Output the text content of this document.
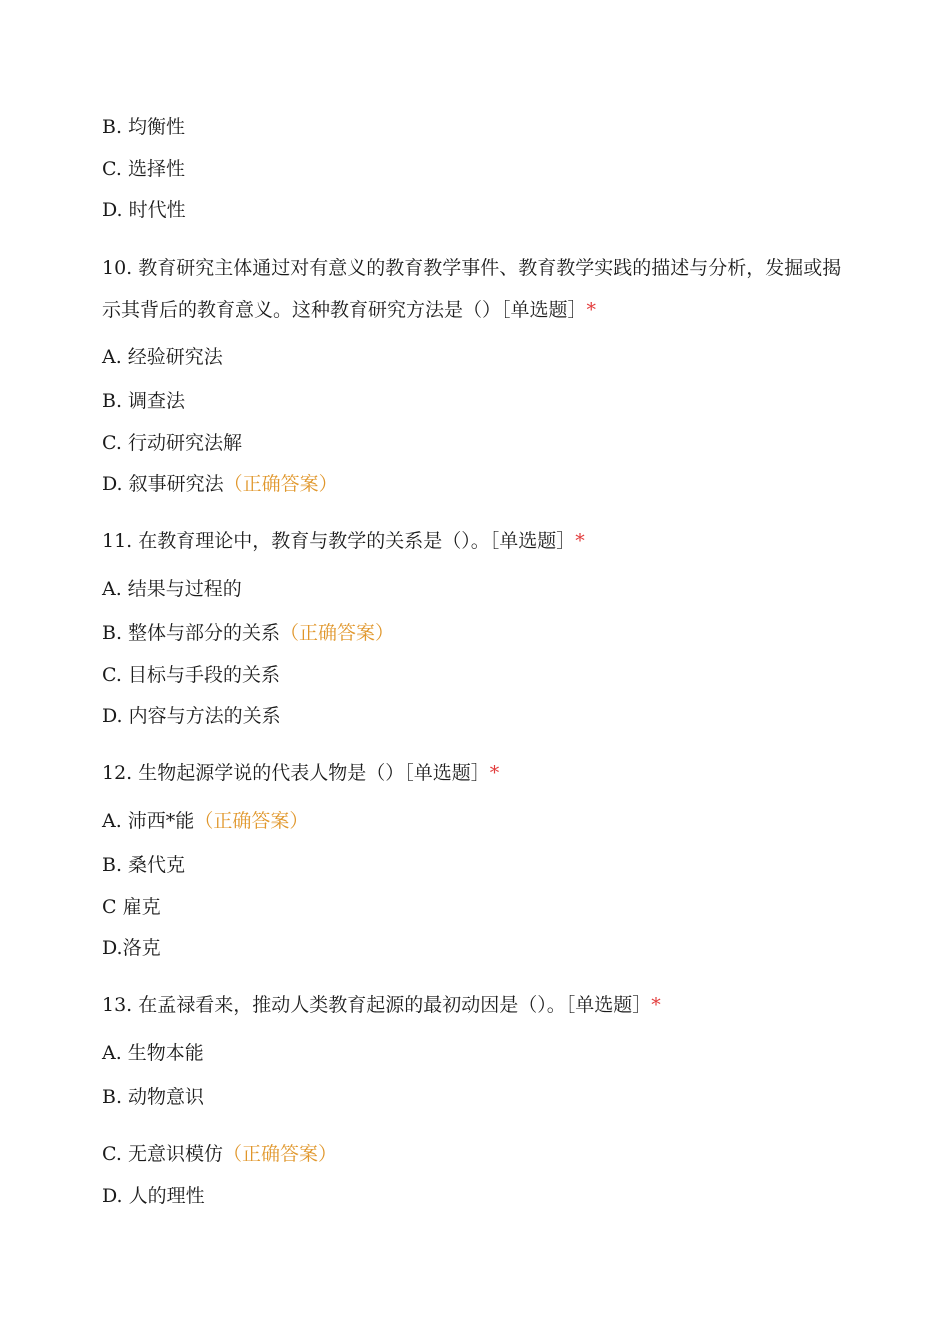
B. 均衡性
C. 选择性
D. 时代性
10. 教育研究主体通过对有意义的教育教学事件、教育教学实践的描述与分析，发掘或揭示其背后的教育意义。这种教育研究方法是（）［单选题］*
A. 经验研究法
B. 调查法
C. 行动研究法解
D. 叙事研究法（正确答案）
11. 在教育理论中，教育与教学的关系是（）。［单选题］*
A. 结果与过程的
B. 整体与部分的关系（正确答案）
C. 目标与手段的关系
D. 内容与方法的关系
12. 生物起源学说的代表人物是（）［单选题］*
A. 沛西*能（正确答案）
B. 桑代克
C 雇克
D.洛克
13. 在孟禄看来，推动人类教育起源的最初动因是（）。［单选题］*
A. 生物本能
B. 动物意识
C. 无意识模仿（正确答案）
D. 人的理性
